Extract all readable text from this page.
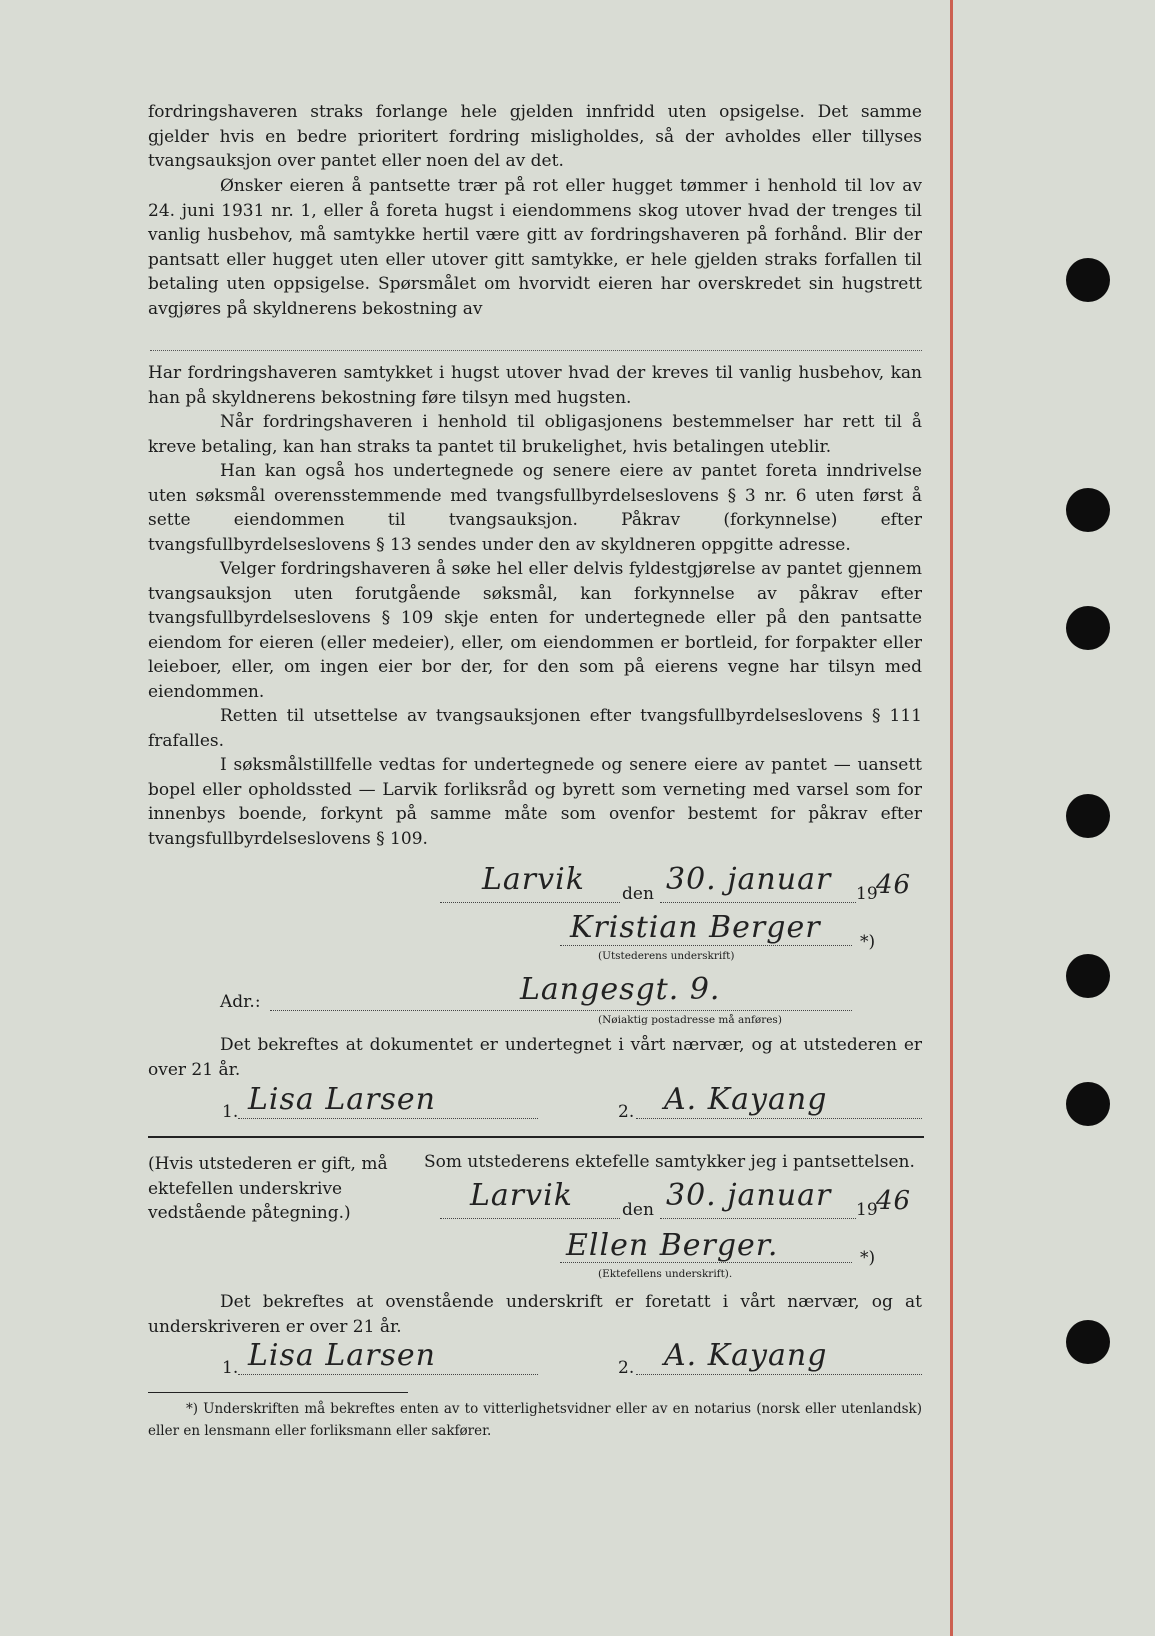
fordringshaveren straks forlange hele gjelden innfridd uten opsigelse. Det samme gjelder hvis en bedre prioritert fordring misligholdes, så der avholdes eller tillyses tvangsauksjon over pantet eller noen del av det.
Ønsker eieren å pantsette trær på rot eller hugget tømmer i henhold til lov av 24. juni 1931 nr. 1, eller å foreta hugst i eiendommens skog utover hvad der trenges til vanlig husbehov, må samtykke hertil være gitt av fordringshaveren på forhånd. Blir der pantsatt eller hugget uten eller utover gitt samtykke, er hele gjelden straks forfallen til betaling uten oppsigelse. Spørsmålet om hvorvidt eieren har overskredet sin hugstrett avgjøres på skyldnerens bekostning av
Har fordringshaveren samtykket i hugst utover hvad der kreves til vanlig husbehov, kan han på skyldnerens bekostning føre tilsyn med hugsten.
Når fordringshaveren i henhold til obligasjonens bestemmelser har rett til å kreve betaling, kan han straks ta pantet til brukelighet, hvis betalingen uteblir.
Han kan også hos undertegnede og senere eiere av pantet foreta inndrivelse uten søksmål overensstemmende med tvangsfullbyrdelseslovens § 3 nr. 6 uten først å sette eiendommen til tvangsauksjon. Påkrav (forkynnelse) efter tvangsfullbyrdelseslovens § 13 sendes under den av skyldneren oppgitte adresse.
Velger fordringshaveren å søke hel eller delvis fyldestgjørelse av pantet gjennem tvangsauksjon uten forutgående søksmål, kan forkynnelse av påkrav efter tvangsfullbyrdelseslovens § 109 skje enten for undertegnede eller på den pantsatte eiendom for eieren (eller medeier), eller, om eiendommen er bortleid, for forpakter eller leieboer, eller, om ingen eier bor der, for den som på eierens vegne har tilsyn med eiendommen.
Retten til utsettelse av tvangsauksjonen efter tvangsfullbyrdelseslovens § 111 frafalles.
I søksmålstillfelle vedtas for undertegnede og senere eiere av pantet — uansett bopel eller opholdssted — Larvik forliksråd og byrett som verneting med varsel som for innenbys boende, forkynt på samme måte som ovenfor bestemt for påkrav efter tvangsfullbyrdelseslovens § 109.
Larvik den 30. januar 19
46
Kristian Berger *)
(Utstederens underskrift)
Adr.:	Langesgt. 9.
(Nøiaktig postadresse må anføres)
Det bekreftes at dokumentet er undertegnet i vårt nærvær, og at utstederen er over 21 år.
1. Lisa Larsen	2. A. Kayang
(Hvis utstederen er gift, må ektefellen underskrive vedstående påtegning.)
Som utstederens ektefelle samtykker jeg i pantsettelsen.
Larvik	den 30. januar 19
46
Ellen Berger.	*)
(Ektefellens underskrift).
Det bekreftes at ovenstående underskrift er foretatt i vårt nærvær, og at underskriveren er over 21 år.
1. Lisa Larsen	2. A. Kayang
*) Underskriften må bekreftes enten av to vitterlighetsvidner eller av en notarius (norsk eller utenlandsk) eller en lensmann eller forliksmann eller sakfører.
